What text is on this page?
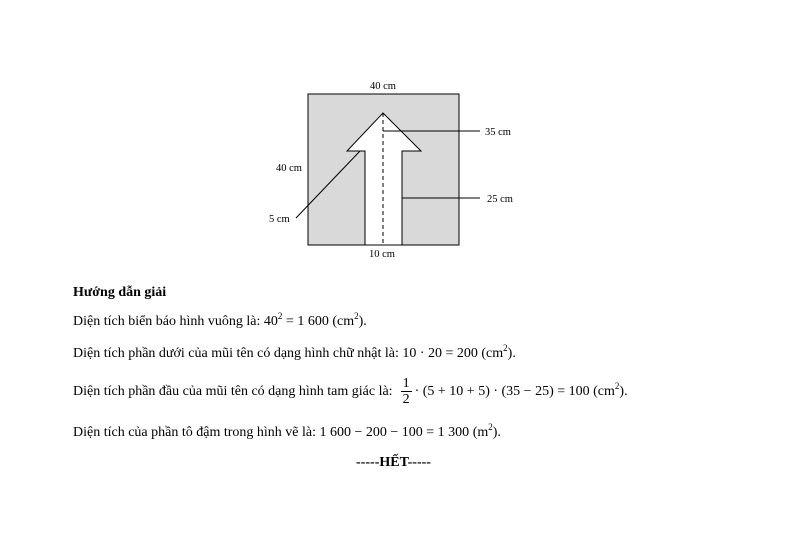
40 cm
40 cm
35 cm
25 cm
5 cm
10 cm
Hướng dẫn giải
Diện tích biển báo hình vuông là: $40^2 = 1$ 600 $(cm^2)$.
Diện tích phần dưới của mũi tên có dạng hình chữ nhật là: 10 · 20 = 200 $(cm^2)$.
Diện tích phần đầu của mũi tên có dạng hình tam giác là: $\frac{1}{2} \cdot (5 + 10 + 5) \cdot (35 - 25) = 100$ $(cm^2)$.
Diện tích của phần tô đậm trong hình vẽ là: 1 600 − 200 − 100 = 1 300 $(m^2)$.
-----HẾT-----
